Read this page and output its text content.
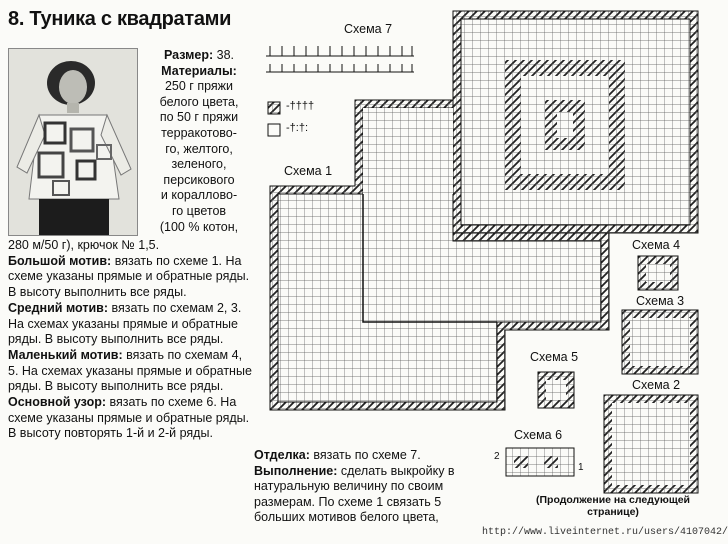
8. Туника с квадратами
Размер: 38.
Материалы:
250 г пряжи
белого цвета,
по 50 г пряжи
терракотово-
го, желтого,
зеленого,
персикового
и кораллово-
го цветов
(100 % котон,

280 м/50 г), крючок № 1,5.

Большой мотив: вязать по схеме 1. На схеме указаны прямые и обратные ряды. В высоту выполнить все ряды.

Средний мотив: вязать по схемам 2, 3. На схемах указаны прямые и обратные ряды. В высоту выполнить все ряды.

Маленький мотив: вязать по схемам 4, 5. На схемах указаны прямые и обратные ряды. В высоту выполнить все ряды.

Основной узор: вязать по схеме 6. На схеме указаны прямые и обратные ряды. В высоту повторять 1-й и 2-й ряды.

Отделка: вязать по схеме 7.
Выполнение: сделать выкройку в натуральную величину по своим размерам. По схеме 1 связать 5 больших мотивов белого цвета,
(Продолжение на следующей странице)
http://www.liveinternet.ru/users/4107042/
Схема 7
Схема 1
Схема 4
Схема 3
Схема 5
Схема 2
Схема 6
2
1
-††††
-†:†:
